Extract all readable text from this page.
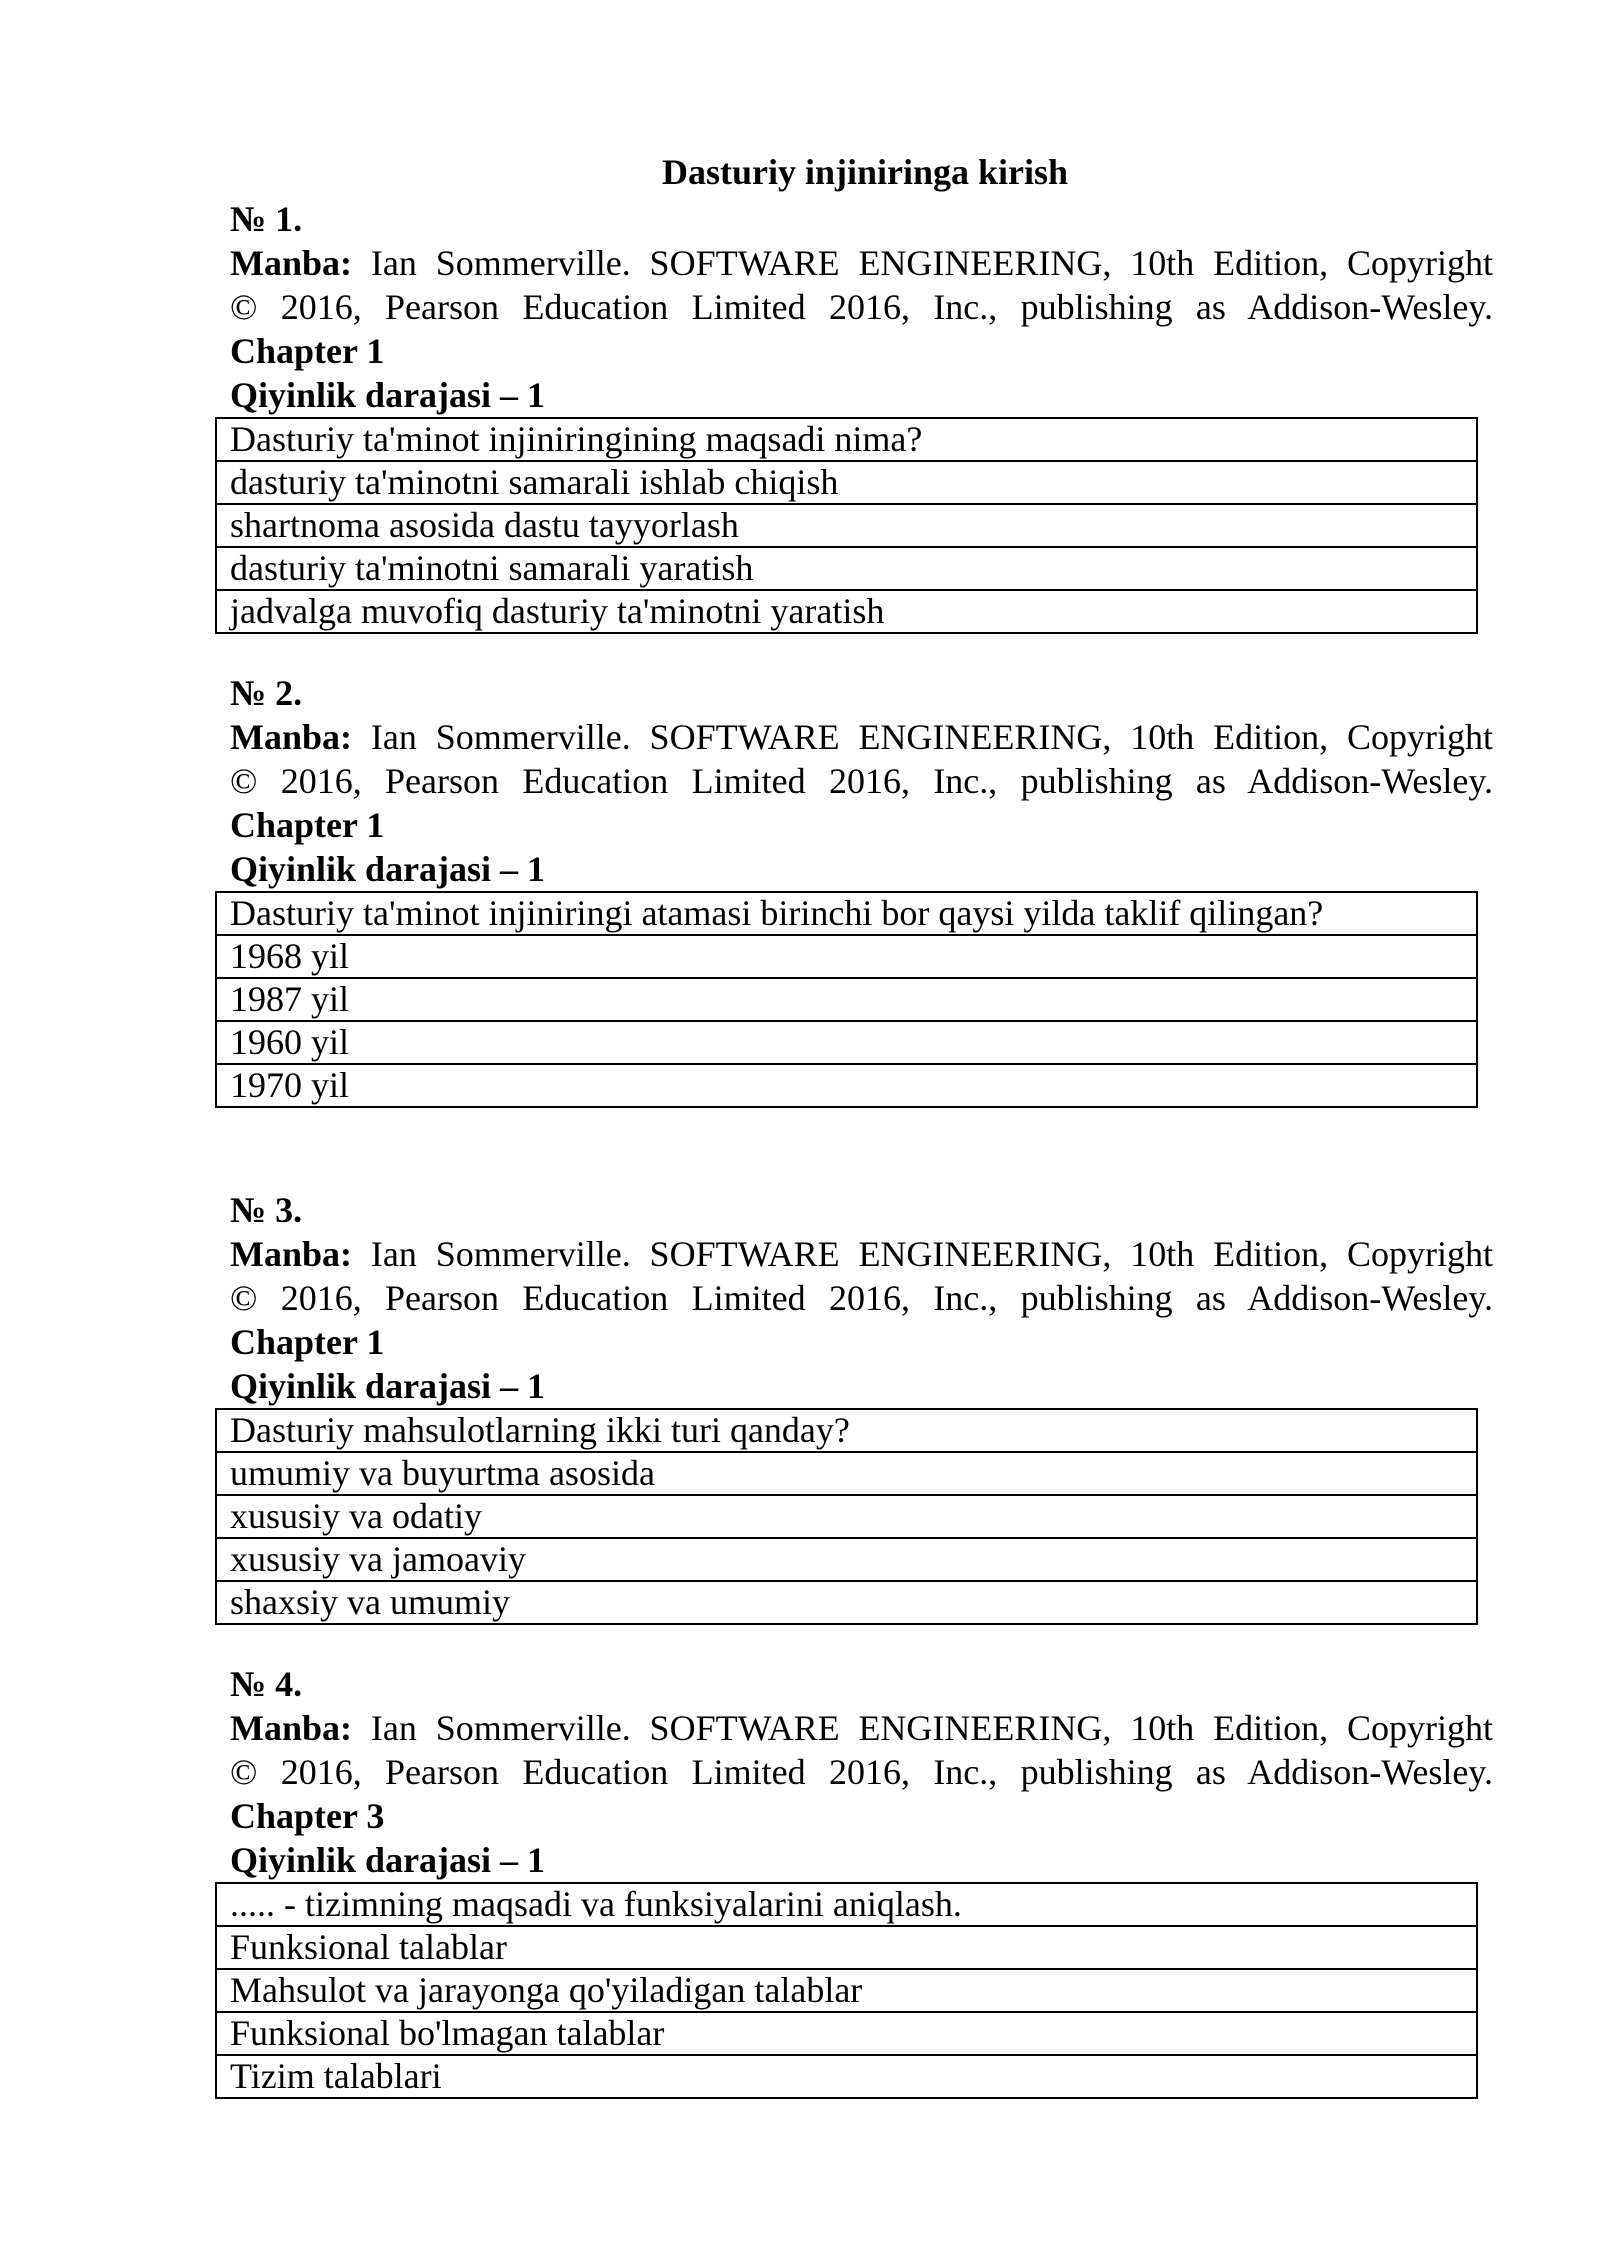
Dasturiy injiniringa kirish
№ 1.
Manba: Ian Sommerville. SOFTWARE ENGINEERING, 10th Edition, Copyright
© 2016, Pearson Education Limited 2016, Inc., publishing as Addison-Wesley.
Chapter 1
Qiyinlik darajasi – 1
Dasturiy ta'minot injiniringining maqsadi nima?
dasturiy ta'minotni samarali ishlab chiqish
shartnoma asosida dastu tayyorlash
dasturiy ta'minotni samarali yaratish
jadvalga muvofiq dasturiy ta'minotni yaratish
№ 2.
Manba: Ian Sommerville. SOFTWARE ENGINEERING, 10th Edition, Copyright
© 2016, Pearson Education Limited 2016, Inc., publishing as Addison-Wesley.
Chapter 1
Qiyinlik darajasi – 1
Dasturiy ta'minot injiniringi atamasi birinchi bor qaysi yilda taklif qilingan?
1968 yil
1987 yil
1960 yil
1970 yil
№ 3.
Manba: Ian Sommerville. SOFTWARE ENGINEERING, 10th Edition, Copyright
© 2016, Pearson Education Limited 2016, Inc., publishing as Addison-Wesley.
Chapter 1
Qiyinlik darajasi – 1
Dasturiy mahsulotlarning ikki turi qanday?
umumiy va buyurtma asosida
xususiy va odatiy
xususiy va jamoaviy
shaxsiy va umumiy
№ 4.
Manba: Ian Sommerville. SOFTWARE ENGINEERING, 10th Edition, Copyright
© 2016, Pearson Education Limited 2016, Inc., publishing as Addison-Wesley.
Chapter 3
Qiyinlik darajasi – 1
..... - tizimning maqsadi va funksiyalarini aniqlash.
Funksional talablar
Mahsulot va jarayonga qo'yiladigan talablar
Funksional bo'lmagan talablar
Tizim talablari
